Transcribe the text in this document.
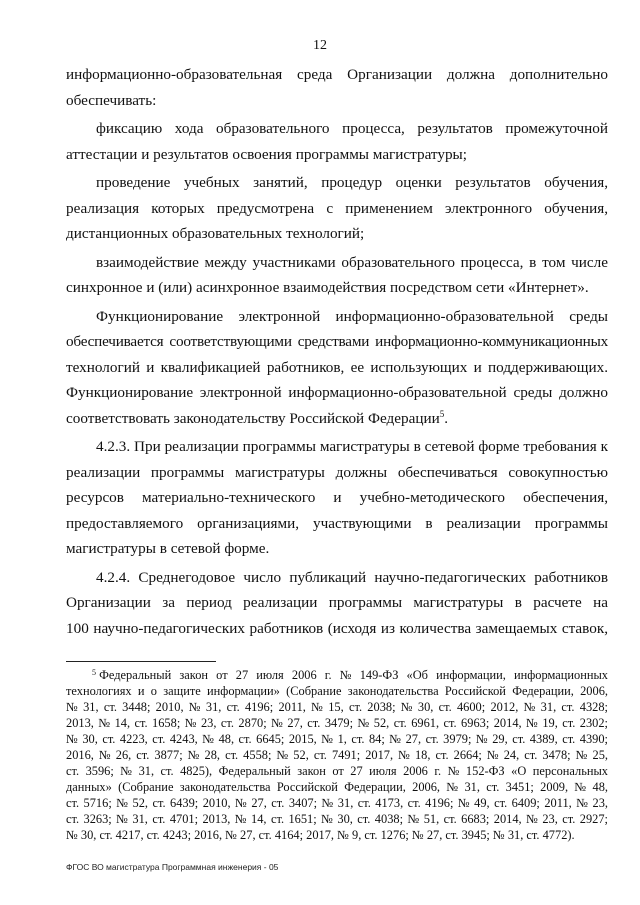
12
информационно-образовательная среда Организации должна дополнительно
обеспечивать:
фиксацию хода образовательного процесса, результатов промежуточной
аттестации и результатов освоения программы магистратуры;
проведение учебных занятий, процедур оценки результатов обучения,
реализация которых предусмотрена с применением электронного обучения,
дистанционных образовательных технологий;
взаимодействие между участниками образовательного процесса, в том числе
синхронное и (или) асинхронное взаимодействия посредством сети «Интернет».
Функционирование электронной информационно-образовательной среды
обеспечивается соответствующими средствами информационно-коммуникационных
технологий и квалификацией работников, ее использующих и поддерживающих.
Функционирование электронной информационно-образовательной среды должно
соответствовать законодательству Российской Федерации$^5$.
4.2.3. При реализации программы магистратуры в сетевой форме требования к
реализации программы магистратуры должны обеспечиваться совокупностью
ресурсов материально-технического и учебно-методического обеспечения,
предоставляемого организациями, участвующими в реализации программы
магистратуры в сетевой форме.
4.2.4. Среднегодовое число публикаций научно-педагогических работников
Организации за период реализации программы магистратуры в расчете на
100 научно-педагогических работников (исходя из количества замещаемых ставок,
$^5$ Федеральный закон от 27 июля 2006 г. № 149-ФЗ «Об информации, информационных
технологиях и о защите информации» (Собрание законодательства Российской Федерации, 2006,
№ 31, ст. 3448; 2010, № 31, ст. 4196; 2011, № 15, ст. 2038; № 30, ст. 4600; 2012, № 31, ст. 4328;
2013, № 14, ст. 1658; № 23, ст. 2870; № 27, ст. 3479; № 52, ст. 6961, ст. 6963; 2014, № 19, ст. 2302;
№ 30, ст. 4223, ст. 4243, № 48, ст. 6645; 2015, № 1, ст. 84; № 27, ст. 3979; № 29, ст. 4389, ст. 4390;
2016, № 26, ст. 3877; № 28, ст. 4558; № 52, ст. 7491; 2017, № 18, ст. 2664; № 24, ст. 3478; № 25,
ст. 3596; № 31, ст. 4825), Федеральный закон от 27 июля 2006 г. № 152-ФЗ «О персональных
данных» (Собрание законодательства Российской Федерации, 2006, № 31, ст. 3451; 2009, № 48,
ст. 5716; № 52, ст. 6439; 2010, № 27, ст. 3407; № 31, ст. 4173, ст. 4196; № 49, ст. 6409; 2011, № 23,
ст. 3263; № 31, ст. 4701; 2013, № 14, ст. 1651; № 30, ст. 4038; № 51, ст. 6683; 2014, № 23, ст. 2927;
№ 30, ст. 4217, ст. 4243; 2016, № 27, ст. 4164; 2017, № 9, ст. 1276; № 27, ст. 3945; № 31, ст. 4772).
ФГОС ВО магистратура Программная инженерия - 05
